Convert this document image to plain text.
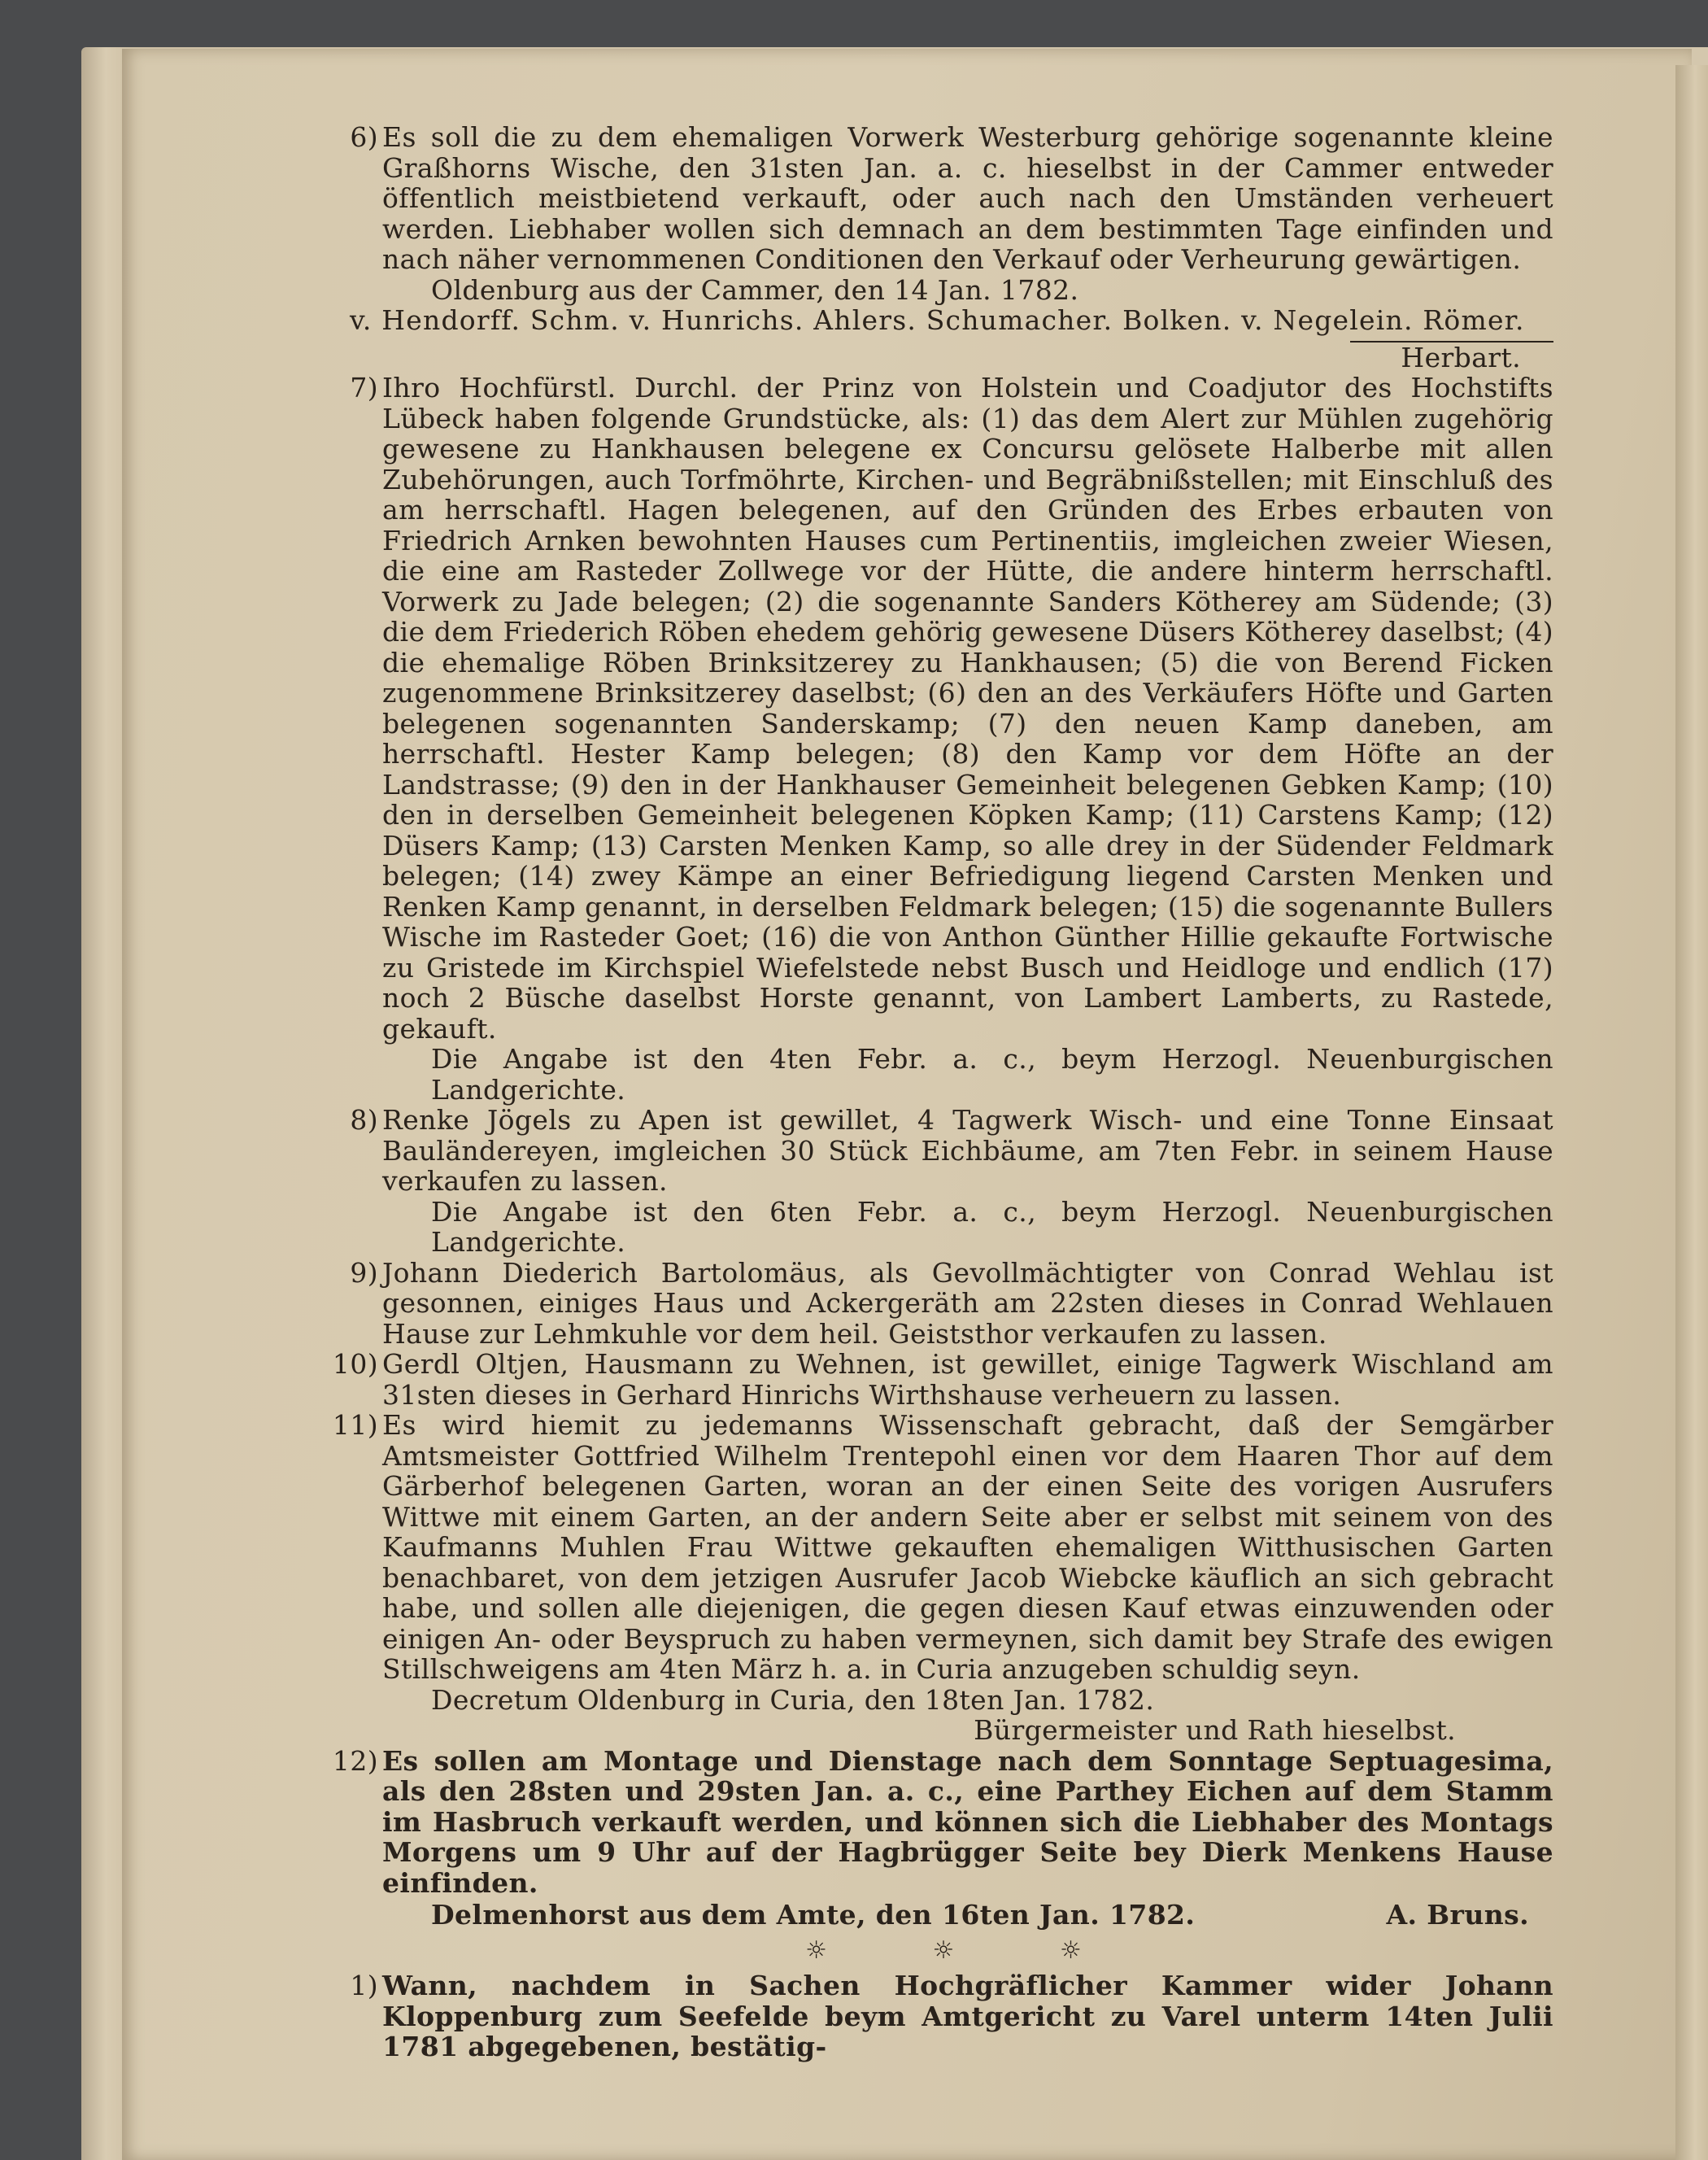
6) Es soll die zu dem ehemaligen Vorwerk Westerburg gehörige sogenannte kleine Graßhorns Wische, den 31sten Jan. a. c. hieselbst in der Cammer entweder öffentlich meistbietend verkauft, oder auch nach den Umständen verheuert werden. Liebhaber wollen sich demnach an dem bestimmten Tage einfinden und nach näher vernommenen Conditionen den Verkauf oder Verheurung gewärtigen.

Oldenburg aus der Cammer, den 14 Jan. 1782.

v. Hendorff. Schm. v. Hunrichs. Ahlers. Schumacher. Bolken. v. Negelein. Römer.

Herbart.

7) Ihro Hochfürstl. Durchl. der Prinz von Holstein und Coadjutor des Hochstifts Lübeck haben folgende Grundstücke, als: (1) das dem Alert zur Mühlen zugehörig gewesene zu Hankhausen belegene ex Concursu gelösete Halberbe mit allen Zubehörungen, auch Torfmöhrte, Kirchen- und Begräbnißstellen; mit Einschluß des am herrschaftl. Hagen belegenen, auf den Gründen des Erbes erbauten von Friedrich Arnken bewohnten Hauses cum Pertinentiis, imgleichen zweier Wiesen, die eine am Rasteder Zollwege vor der Hütte, die andere hinterm herrschaftl. Vorwerk zu Jade belegen; (2) die sogenannte Sanders Kötherey am Südende; (3) die dem Friederich Röben ehedem gehörig gewesene Düsers Kötherey daselbst; (4) die ehemalige Röben Brinksitzerey zu Hankhausen; (5) die von Berend Ficken zugenommene Brinksitzerey daselbst; (6) den an des Verkäufers Höfte und Garten belegenen sogenannten Sanderskamp; (7) den neuen Kamp daneben, am herrschaftl. Hester Kamp belegen; (8) den Kamp vor dem Höfte an der Landstrasse; (9) den in der Hankhauser Gemeinheit belegenen Gebken Kamp; (10) den in derselben Gemeinheit belegenen Köpken Kamp; (11) Carstens Kamp; (12) Düsers Kamp; (13) Carsten Menken Kamp, so alle drey in der Südender Feldmark belegen; (14) zwey Kämpe an einer Befriedigung liegend Carsten Menken und Renken Kamp genannt, in derselben Feldmark belegen; (15) die sogenannte Bullers Wische im Rasteder Goet; (16) die von Anthon Günther Hillie gekaufte Fortwische zu Gristede im Kirchspiel Wiefelstede nebst Busch und Heidloge und endlich (17) noch 2 Büsche daselbst Horste genannt, von Lambert Lamberts, zu Rastede, gekauft.

Die Angabe ist den 4ten Febr. a. c., beym Herzogl. Neuenburgischen Landgerichte.

8) Renke Jögels zu Apen ist gewillet, 4 Tagwerk Wisch- und eine Tonne Einsaat Bauländereyen, imgleichen 30 Stück Eichbäume, am 7ten Febr. in seinem Hause verkaufen zu lassen.

Die Angabe ist den 6ten Febr. a. c., beym Herzogl. Neuenburgischen Landgerichte.

9) Johann Diederich Bartolomäus, als Gevollmächtigter von Conrad Wehlau ist gesonnen, einiges Haus und Ackergeräth am 22sten dieses in Conrad Wehlauen Hause zur Lehmkuhle vor dem heil. Geiststhor verkaufen zu lassen.

10) Gerdl Oltjen, Hausmann zu Wehnen, ist gewillet, einige Tagwerk Wischland am 31sten dieses in Gerhard Hinrichs Wirthshause verheuern zu lassen.

11) Es wird hiemit zu jedemanns Wissenschaft gebracht, daß der Semgärber Amtsmeister Gottfried Wilhelm Trentepohl einen vor dem Haaren Thor auf dem Gärberhof belegenen Garten, woran an der einen Seite des vorigen Ausrufers Wittwe mit einem Garten, an der andern Seite aber er selbst mit seinem von des Kaufmanns Muhlen Frau Wittwe gekauften ehemaligen Witthusischen Garten benachbaret, von dem jetzigen Ausrufer Jacob Wiebcke käuflich an sich gebracht habe, und sollen alle diejenigen, die gegen diesen Kauf etwas einzuwenden oder einigen An- oder Beyspruch zu haben vermeynen, sich damit bey Strafe des ewigen Stillschweigens am 4ten März h. a. in Curia anzugeben schuldig seyn.

Decretum Oldenburg in Curia, den 18ten Jan. 1782.

Bürgermeister und Rath hieselbst.

12) Es sollen am Montage und Dienstage nach dem Sonntage Septuagesima, als den 28sten und 29sten Jan. a. c., eine Parthey Eichen auf dem Stamm im Hasbruch verkauft werden, und können sich die Liebhaber des Montags Morgens um 9 Uhr auf der Hagbrügger Seite bey Dierk Menkens Hause einfinden.

Delmenhorst aus dem Amte, den 16ten Jan. 1782.	A. Bruns.
☼ ☼ ☼
1) Wann, nachdem in Sachen Hochgräflicher Kammer wider Johann Kloppenburg zum Seefelde beym Amtgericht zu Varel unterm 14ten Julii 1781 abgegebenen, bestätig-
